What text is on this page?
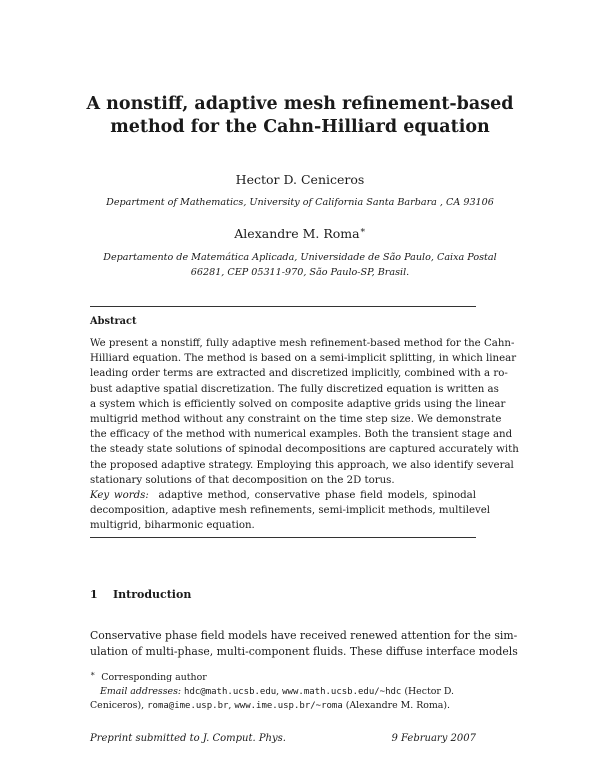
A nonstiff, adaptive mesh refinement-based
method for the Cahn-Hilliard equation
Hector D. Ceniceros
Department of Mathematics, University of California Santa Barbara , CA 93106
Alexandre M. Roma∗
Departamento de Matemática Aplicada, Universidade de São Paulo, Caixa Postal
66281, CEP 05311-970, São Paulo-SP, Brasil.
Abstract
We present a nonstiff, fully adaptive mesh refinement-based method for the Cahn-
Hilliard equation. The method is based on a semi-implicit splitting, in which linear
leading order terms are extracted and discretized implicitly, combined with a ro-
bust adaptive spatial discretization. The fully discretized equation is written as
a system which is efficiently solved on composite adaptive grids using the linear
multigrid method without any constraint on the time step size. We demonstrate
the efficacy of the method with numerical examples. Both the transient stage and
the steady state solutions of spinodal decompositions are captured accurately with
the proposed adaptive strategy. Employing this approach, we also identify several
stationary solutions of that decomposition on the 2D torus.
Key words: adaptive method, conservative phase field models, spinodal
decomposition, adaptive mesh refinements, semi-implicit methods, multilevel
multigrid, biharmonic equation.
1 Introduction
Conservative phase field models have received renewed attention for the sim-
ulation of multi-phase, multi-component fluids. These diffuse interface models
∗ Corresponding author
Email addresses: hdc@math.ucsb.edu, www.math.ucsb.edu/~hdc (Hector D.
Ceniceros), roma@ime.usp.br, www.ime.usp.br/~roma (Alexandre M. Roma).
Preprint submitted to J. Comput. Phys.	9 February 2007
